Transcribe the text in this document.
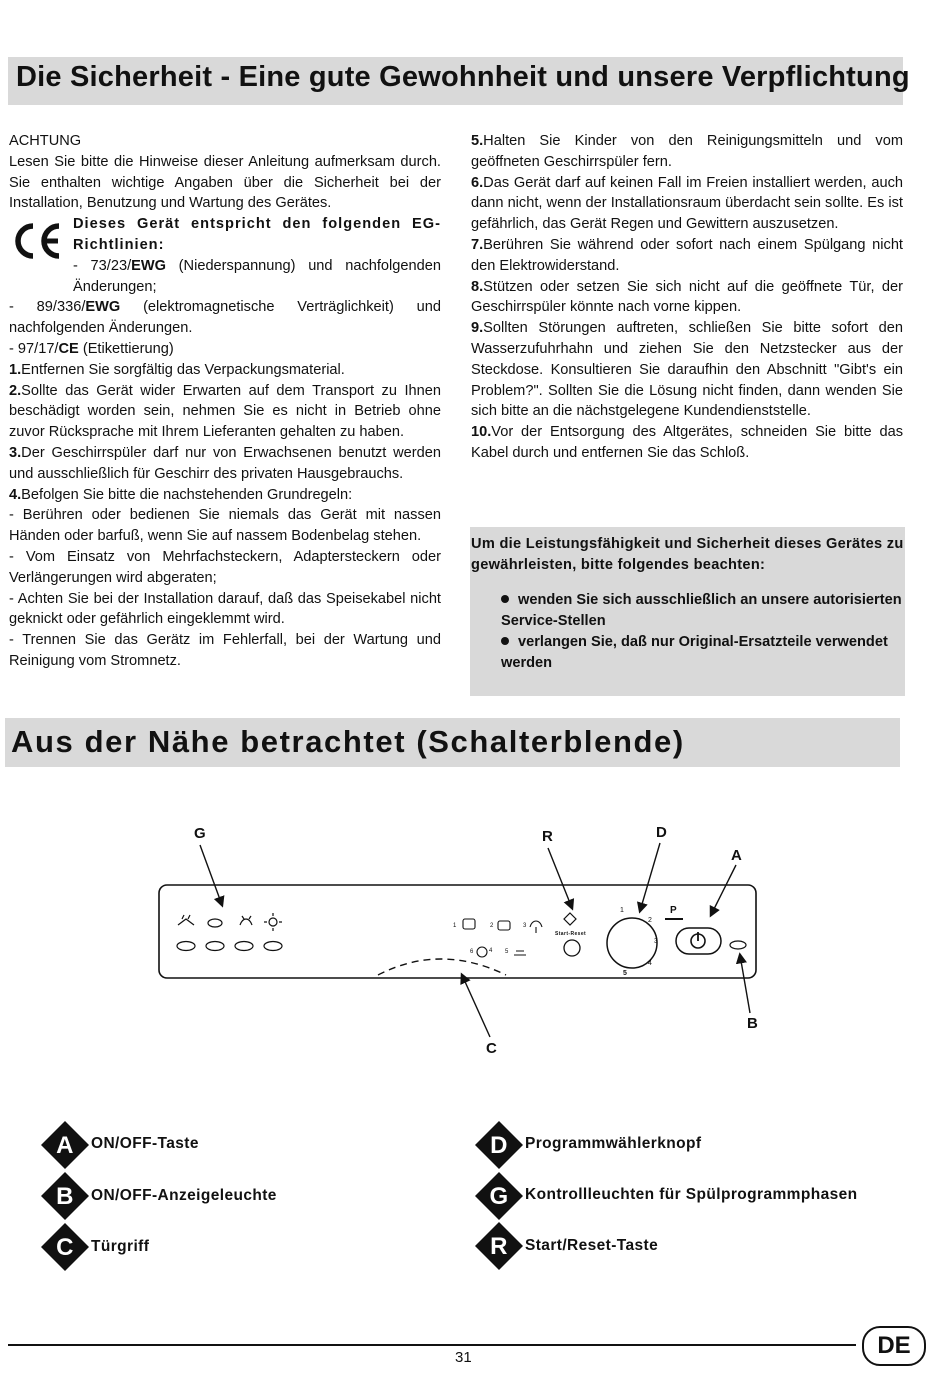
Die Sicherheit - Eine gute Gewohnheit und unsere Verpflichtung

ACHTUNG

Lesen Sie bitte die Hinweise dieser Anleitung aufmerksam durch. Sie enthalten wichtige Angaben über die Sicherheit bei der Installation, Benutzung und Wartung des Gerätes.

Dieses Gerät entspricht den folgenden EG-Richtlinien:

- 73/23/EWG (Niederspannung) und nachfolgenden Änderungen;

- 89/336/EWG (elektromagnetische Verträglichkeit) und nachfolgenden Änderungen.

- 97/17/CE (Etikettierung)

1.Entfernen Sie sorgfältig das Verpackungsmaterial.

2.Sollte das Gerät wider Erwarten auf dem Transport zu Ihnen beschädigt worden sein, nehmen Sie es nicht in Betrieb ohne zuvor Rücksprache mit Ihrem Lieferanten gehalten zu haben.

3.Der Geschirrspüler darf nur von Erwachsenen benutzt werden und ausschließlich für Geschirr des privaten Hausgebrauchs.

4.Befolgen Sie bitte die nachstehenden Grundregeln:

- Berühren oder bedienen Sie niemals das Gerät mit nassen Händen oder barfuß, wenn Sie auf nassem Bodenbelag stehen.

- Vom Einsatz von Mehrfachsteckern, Adaptersteckern oder Verlängerungen wird abgeraten;

- Achten Sie bei der Installation darauf, daß das Speisekabel nicht geknickt oder gefährlich eingeklemmt wird.

- Trennen Sie das Gerätz im Fehlerfall, bei der Wartung und Reinigung vom Stromnetz.

5.Halten Sie Kinder von den Reinigungsmitteln und vom geöffneten Geschirrspüler fern.

6.Das Gerät darf auf keinen Fall im Freien installiert werden, auch dann nicht, wenn der Installationsraum überdacht sein sollte. Es ist gefährlich, das Gerät Regen und Gewittern auszusetzen.

7.Berühren Sie während oder sofort nach einem Spülgang nicht den Elektrowiderstand.

8.Stützen oder setzen Sie sich nicht auf die geöffnete Tür, der Geschirrspüler könnte nach vorne kippen.

9.Sollten Störungen auftreten, schließen Sie bitte sofort den Wasserzufuhrhahn und ziehen Sie den Netzstecker aus der Steckdose. Konsultieren Sie daraufhin den Abschnitt "Gibt's ein Problem?". Sollten Sie die Lösung nicht finden, dann wenden Sie sich bitte an die nächstgelegene Kundendienststelle.

10.Vor der Entsorgung des Altgerätes, schneiden Sie bitte das Kabel durch und entfernen Sie das Schloß.

Um die Leistungsfähigkeit und Sicherheit dieses Gerätes zu gewährleisten, bitte folgendes beachten:
wenden Sie sich ausschließlich an unsere autorisierten Service-Stellen
verlangen Sie, daß nur Original-Ersatzteile verwendet werden
Aus der Nähe betrachtet (Schalterblende)
G	R	D
A
B
C
1	2	3
4
6	5
Start-Reset
1
2
3
4
5
P
A ON/OFF-Taste
B ON/OFF-Anzeigeleuchte
C Türgriff
D Programmwählerknopf
G Kontrollleuchten für Spülprogrammphasen
R Start/Reset-Taste
31	DE
